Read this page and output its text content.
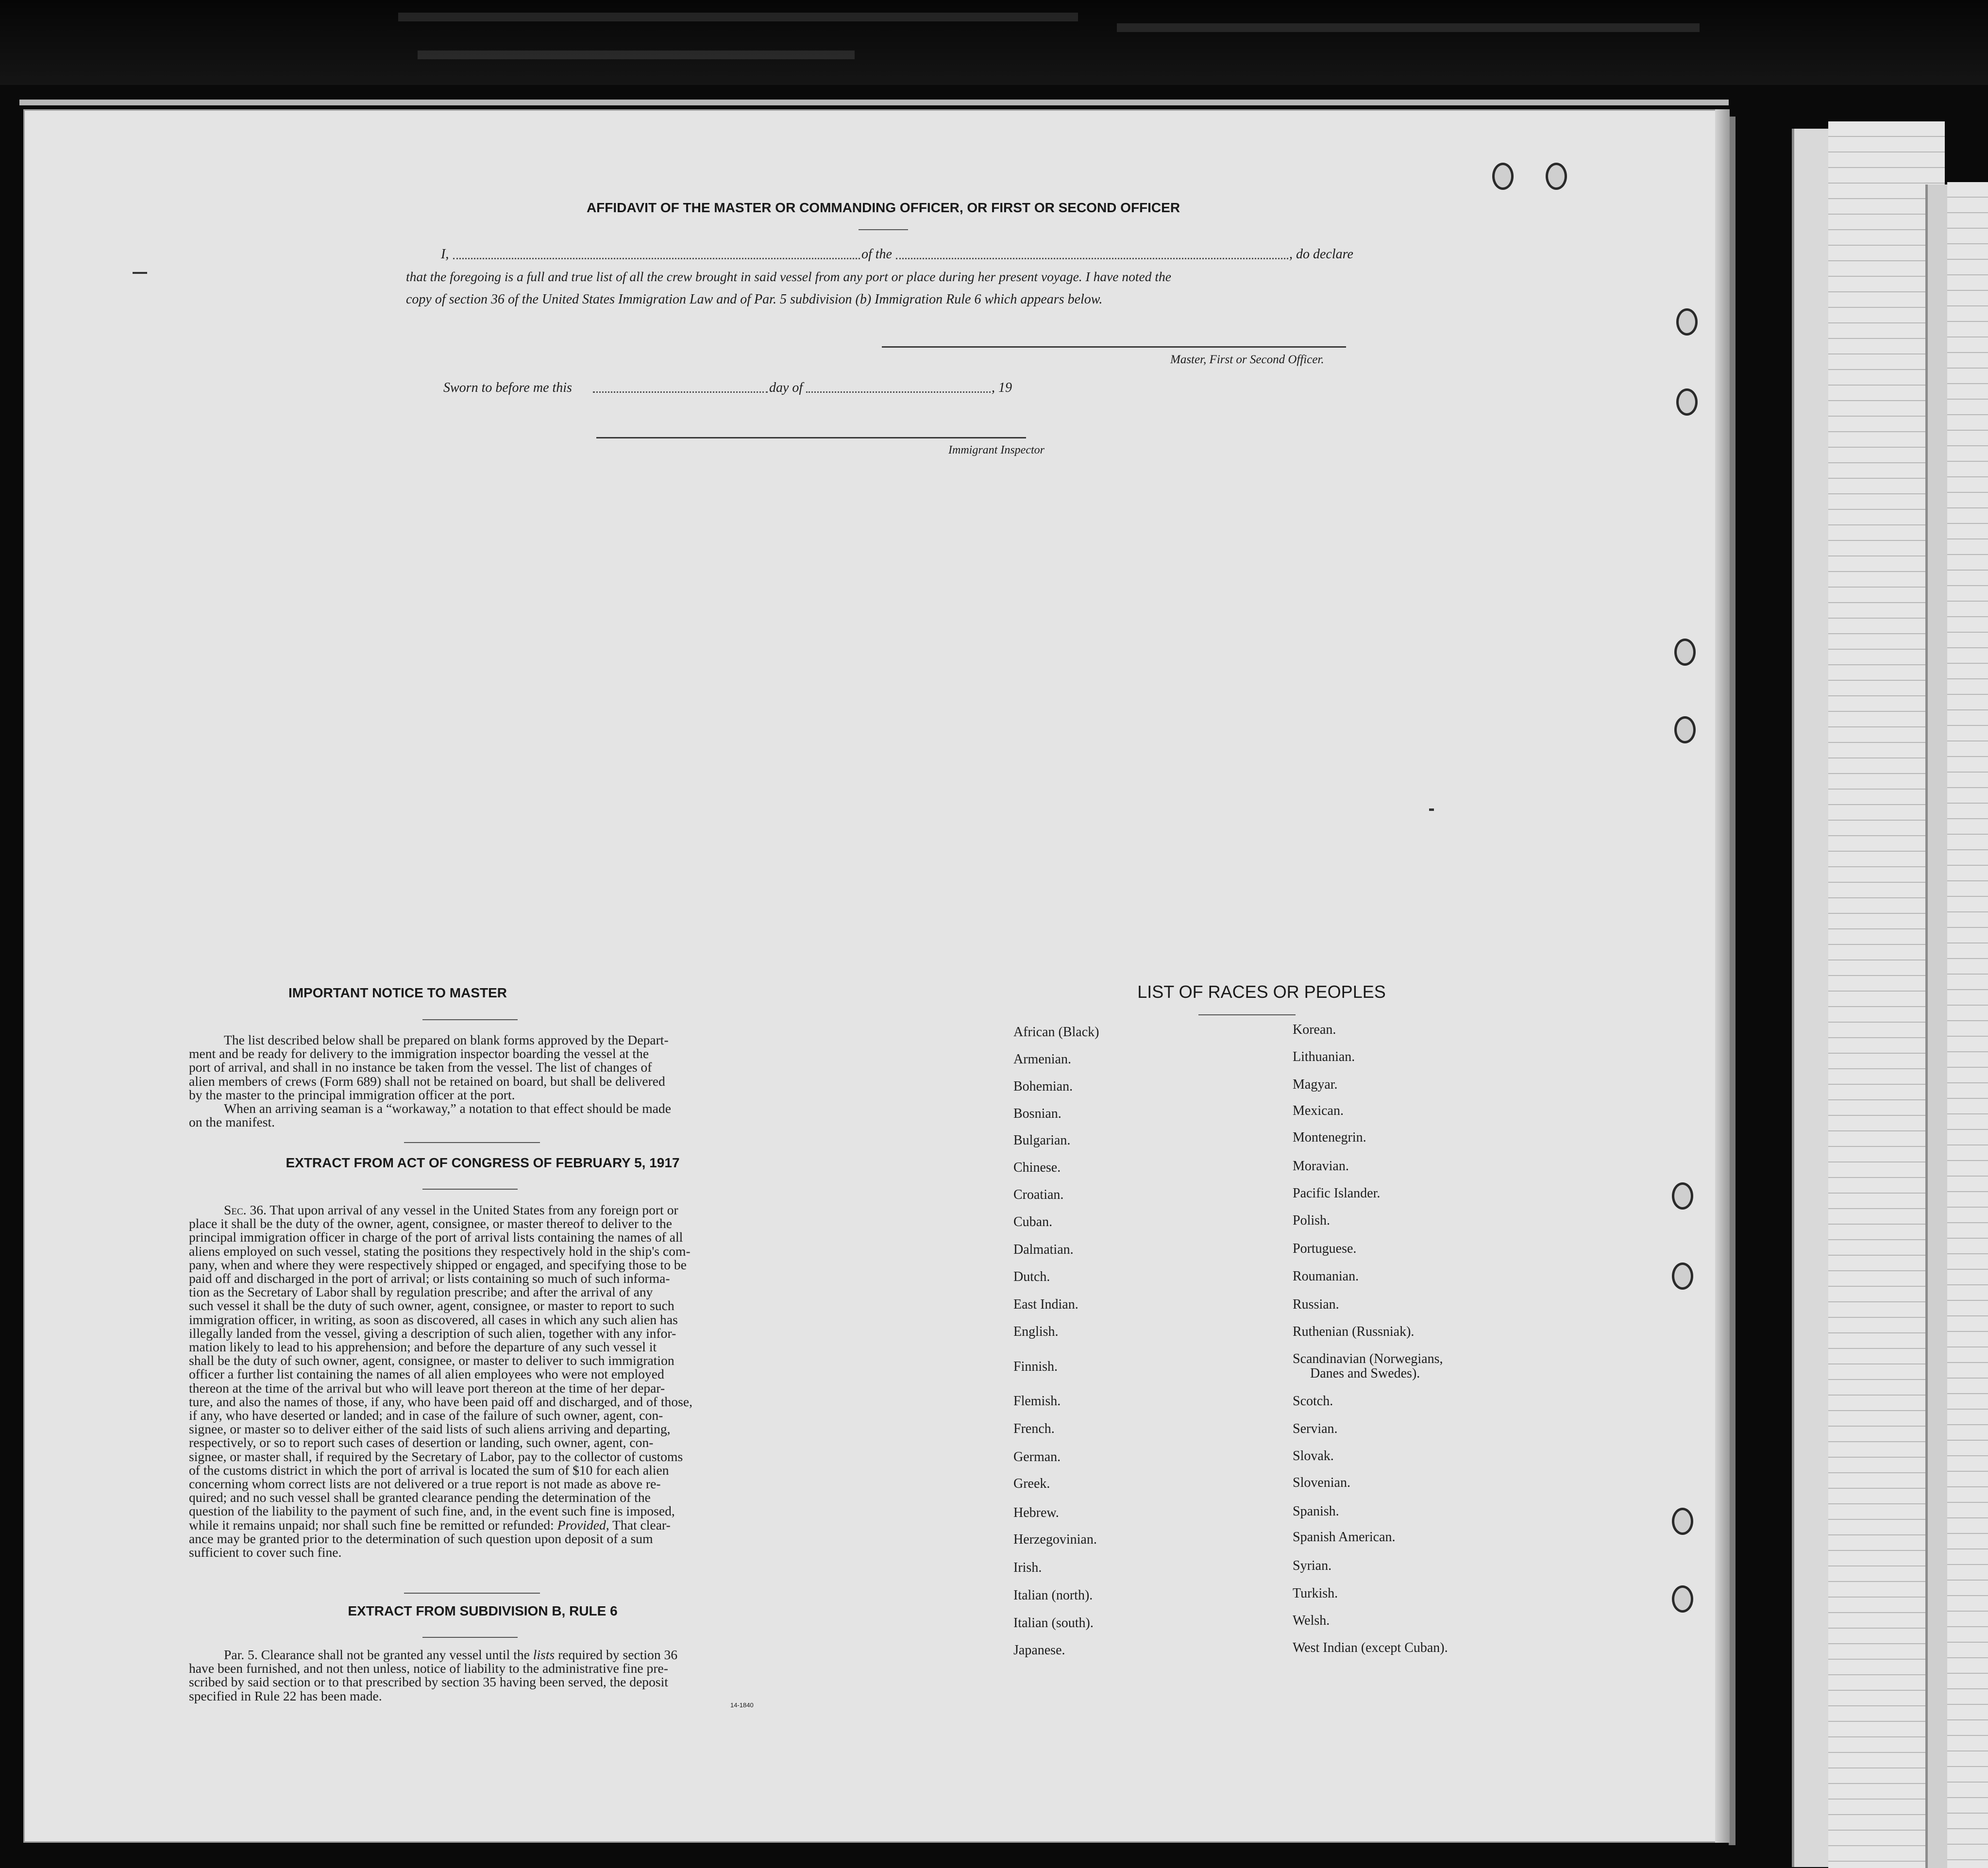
AFFIDAVIT OF THE MASTER OR COMMANDING OFFICER, OR FIRST OR SECOND OFFICER
I,	of the	, do declare
that the foregoing is a full and true list of all the crew brought in said vessel from any port or place during her present voyage. I have noted the
copy of section 36 of the United States Immigration Law and of Par. 5 subdivision (b) Immigration Rule 6 which appears below.
Master, First or Second Officer.
Sworn to before me this	day of	, 19
Immigrant Inspector
IMPORTANT NOTICE TO MASTER
The list described below shall be prepared on blank forms approved by the Depart-
ment and be ready for delivery to the immigration inspector boarding the vessel at the
port of arrival, and shall in no instance be taken from the vessel. The list of changes of
alien members of crews (Form 689) shall not be retained on board, but shall be delivered
by the master to the principal immigration officer at the port.
When an arriving seaman is a “workaway,” a notation to that effect should be made
on the manifest.
EXTRACT FROM ACT OF CONGRESS OF FEBRUARY 5, 1917
Sec. 36. That upon arrival of any vessel in the United States from any foreign port or
place it shall be the duty of the owner, agent, consignee, or master thereof to deliver to the
principal immigration officer in charge of the port of arrival lists containing the names of all
aliens employed on such vessel, stating the positions they respectively hold in the ship's com-
pany, when and where they were respectively shipped or engaged, and specifying those to be
paid off and discharged in the port of arrival; or lists containing so much of such informa-
tion as the Secretary of Labor shall by regulation prescribe; and after the arrival of any
such vessel it shall be the duty of such owner, agent, consignee, or master to report to such
immigration officer, in writing, as soon as discovered, all cases in which any such alien has
illegally landed from the vessel, giving a description of such alien, together with any infor-
mation likely to lead to his apprehension; and before the departure of any such vessel it
shall be the duty of such owner, agent, consignee, or master to deliver to such immigration
officer a further list containing the names of all alien employees who were not employed
thereon at the time of the arrival but who will leave port thereon at the time of her depar-
ture, and also the names of those, if any, who have been paid off and discharged, and of those,
if any, who have deserted or landed; and in case of the failure of such owner, agent, con-
signee, or master so to deliver either of the said lists of such aliens arriving and departing,
respectively, or so to report such cases of desertion or landing, such owner, agent, con-
signee, or master shall, if required by the Secretary of Labor, pay to the collector of customs
of the customs district in which the port of arrival is located the sum of $10 for each alien
concerning whom correct lists are not delivered or a true report is not made as above re-
quired; and no such vessel shall be granted clearance pending the determination of the
question of the liability to the payment of such fine, and, in the event such fine is imposed,
while it remains unpaid; nor shall such fine be remitted or refunded: Provided, That clear-
ance may be granted prior to the determination of such question upon deposit of a sum
sufficient to cover such fine.
EXTRACT FROM SUBDIVISION B, RULE 6
Par. 5. Clearance shall not be granted any vessel until the lists required by section 36
have been furnished, and not then unless, notice of liability to the administrative fine pre-
scribed by said section or to that prescribed by section 35 having been served, the deposit
specified in Rule 22 has been made.
14-1840
LIST OF RACES OR PEOPLES
African (Black)
Armenian.
Bohemian.
Bosnian.
Bulgarian.
Chinese.
Croatian.
Cuban.
Dalmatian.
Dutch.
East Indian.
English.
Finnish.
Flemish.
French.
German.
Greek.
Hebrew.
Herzegovinian.
Irish.
Italian (north).
Italian (south).
Japanese.
Korean.
Lithuanian.
Magyar.
Mexican.
Montenegrin.
Moravian.
Pacific Islander.
Polish.
Portuguese.
Roumanian.
Russian.
Ruthenian (Russniak).
Scandinavian (Norwegians,
Danes and Swedes).
Scotch.
Servian.
Slovak.
Slovenian.
Spanish.
Spanish American.
Syrian.
Turkish.
Welsh.
West Indian (except Cuban).
